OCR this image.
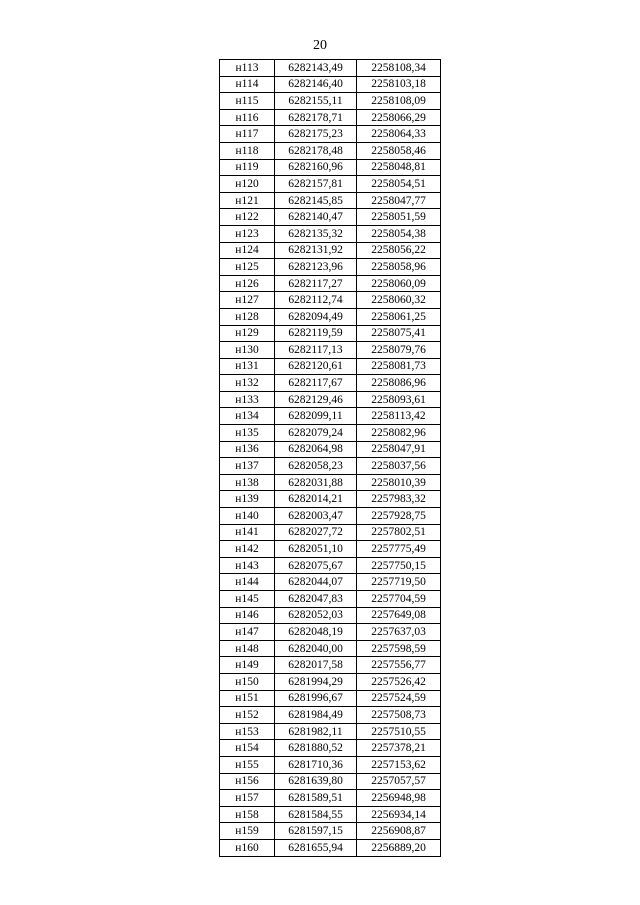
20
н113	6282143,49	2258108,34
н114	6282146,40	2258103,18
н115	6282155,11	2258108,09
н116	6282178,71	2258066,29
н117	6282175,23	2258064,33
н118	6282178,48	2258058,46
н119	6282160,96	2258048,81
н120	6282157,81	2258054,51
н121	6282145,85	2258047,77
н122	6282140,47	2258051,59
н123	6282135,32	2258054,38
н124	6282131,92	2258056,22
н125	6282123,96	2258058,96
н126	6282117,27	2258060,09
н127	6282112,74	2258060,32
н128	6282094,49	2258061,25
н129	6282119,59	2258075,41
н130	6282117,13	2258079,76
н131	6282120,61	2258081,73
н132	6282117,67	2258086,96
н133	6282129,46	2258093,61
н134	6282099,11	2258113,42
н135	6282079,24	2258082,96
н136	6282064,98	2258047,91
н137	6282058,23	2258037,56
н138	6282031,88	2258010,39
н139	6282014,21	2257983,32
н140	6282003,47	2257928,75
н141	6282027,72	2257802,51
н142	6282051,10	2257775,49
н143	6282075,67	2257750,15
н144	6282044,07	2257719,50
н145	6282047,83	2257704,59
н146	6282052,03	2257649,08
н147	6282048,19	2257637,03
н148	6282040,00	2257598,59
н149	6282017,58	2257556,77
н150	6281994,29	2257526,42
н151	6281996,67	2257524,59
н152	6281984,49	2257508,73
н153	6281982,11	2257510,55
н154	6281880,52	2257378,21
н155	6281710,36	2257153,62
н156	6281639,80	2257057,57
н157	6281589,51	2256948,98
н158	6281584,55	2256934,14
н159	6281597,15	2256908,87
н160	6281655,94	2256889,20
